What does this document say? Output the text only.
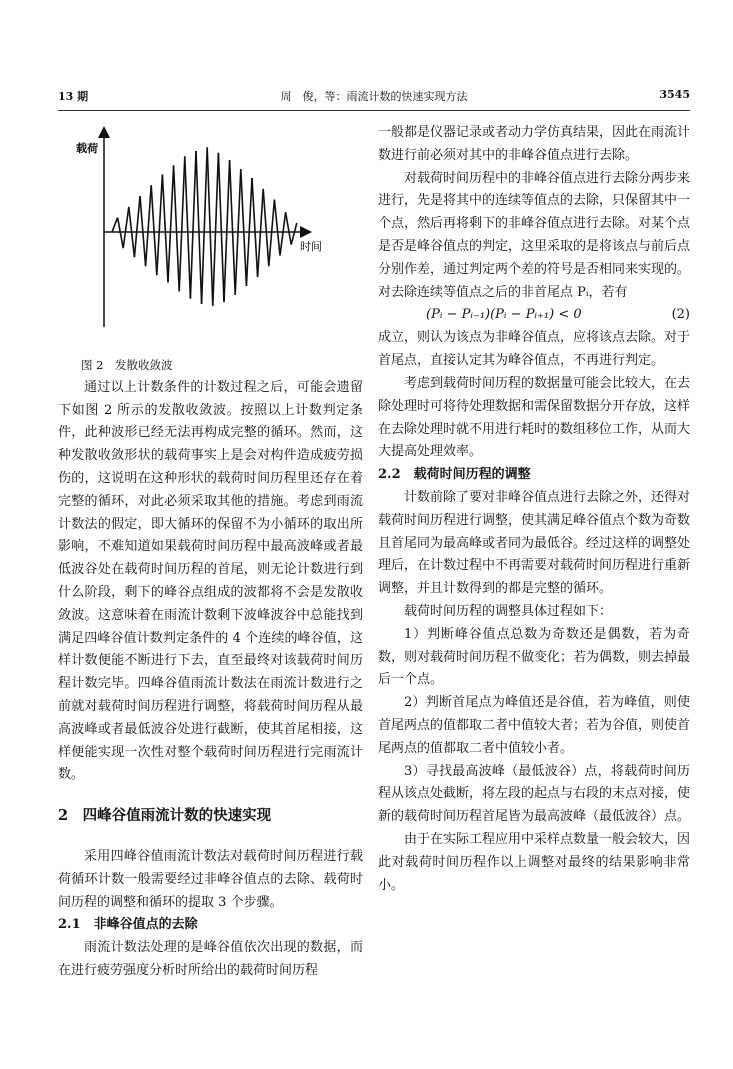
13 期	周　俊，等：雨流计数的快速实现方法	3545
载荷
时间

图 2　发散收敛波

通过以上计数条件的计数过程之后，可能会遗留下如图 2 所示的发散收敛波。按照以上计数判定条件，此种波形已经无法再构成完整的循环。然而，这种发散收敛形状的载荷事实上是会对构件造成疲劳损伤的，这说明在这种形状的载荷时间历程里还存在着完整的循环，对此必须采取其他的措施。考虑到雨流计数法的假定，即大循环的保留不为小循环的取出所影响，不难知道如果载荷时间历程中最高波峰或者最低波谷处在载荷时间历程的首尾，则无论计数进行到什么阶段，剩下的峰谷点组成的波都将不会是发散收敛波。这意味着在雨流计数剩下波峰波谷中总能找到满足四峰谷值计数判定条件的 4 个连续的峰谷值，这样计数便能不断进行下去，直至最终对该载荷时间历程计数完毕。四峰谷值雨流计数法在雨流计数进行之前就对载荷时间历程进行调整，将载荷时间历程从最高波峰或者最低波谷处进行截断，使其首尾相接，这样便能实现一次性对整个载荷时间历程进行完雨流计数。

2　四峰谷值雨流计数的快速实现

采用四峰谷值雨流计数法对载荷时间历程进行载荷循环计数一般需要经过非峰谷值点的去除、载荷时间历程的调整和循环的提取 3 个步骤。

2.1　非峰谷值点的去除

雨流计数法处理的是峰谷值依次出现的数据，而在进行疲劳强度分析时所给出的载荷时间历程

一般都是仪器记录或者动力学仿真结果，因此在雨流计数进行前必须对其中的非峰谷值点进行去除。

对载荷时间历程中的非峰谷值点进行去除分两步来进行，先是将其中的连续等值点的去除，只保留其中一个点，然后再将剩下的非峰谷值点进行去除。对某个点是否是峰谷值点的判定，这里采取的是将该点与前后点分别作差，通过判定两个差的符号是否相同来实现的。对去除连续等值点之后的非首尾点 Pᵢ，若有

(Pᵢ − Pᵢ₋₁)(Pᵢ − Pᵢ₊₁) < 0	(2)

成立，则认为该点为非峰谷值点，应将该点去除。对于首尾点，直接认定其为峰谷值点，不再进行判定。

考虑到载荷时间历程的数据量可能会比较大，在去除处理时可将待处理数据和需保留数据分开存放，这样在去除处理时就不用进行耗时的数组移位工作，从而大大提高处理效率。

2.2　载荷时间历程的调整

计数前除了要对非峰谷值点进行去除之外，还得对载荷时间历程进行调整，使其满足峰谷值点个数为奇数且首尾同为最高峰或者同为最低谷。经过这样的调整处理后，在计数过程中不再需要对载荷时间历程进行重新调整，并且计数得到的都是完整的循环。

载荷时间历程的调整具体过程如下：

1）判断峰谷值点总数为奇数还是偶数，若为奇数，则对载荷时间历程不做变化；若为偶数，则去掉最后一个点。

2）判断首尾点为峰值还是谷值，若为峰值，则使首尾两点的值都取二者中值较大者；若为谷值，则使首尾两点的值都取二者中值较小者。

3）寻找最高波峰（最低波谷）点，将载荷时间历程从该点处截断，将左段的起点与右段的末点对接，使新的载荷时间历程首尾皆为最高波峰（最低波谷）点。

由于在实际工程应用中采样点数量一般会较大，因此对载荷时间历程作以上调整对最终的结果影响非常小。
